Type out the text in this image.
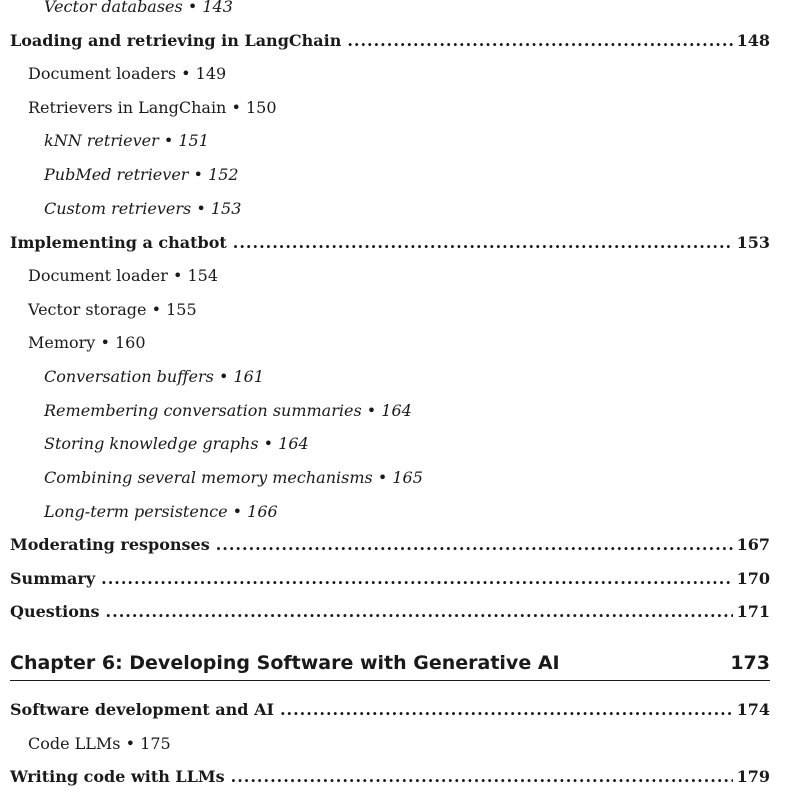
Vector databases • 143
Loading and retrieving in LangChain .....	148
Document loaders • 149
Retrievers in LangChain • 150
kNN retriever • 151
PubMed retriever • 152
Custom retrievers • 153
Implementing a chatbot .....	153
Document loader • 154
Vector storage • 155
Memory • 160
Conversation buffers • 161
Remembering conversation summaries • 164
Storing knowledge graphs • 164
Combining several memory mechanisms • 165
Long-term persistence • 166
Moderating responses .....	167
Summary .....	170
Questions .....	171
Chapter 6: Developing Software with Generative AI	173
Software development and AI .....	174
Code LLMs • 175
Writing code with LLMs .....	179
